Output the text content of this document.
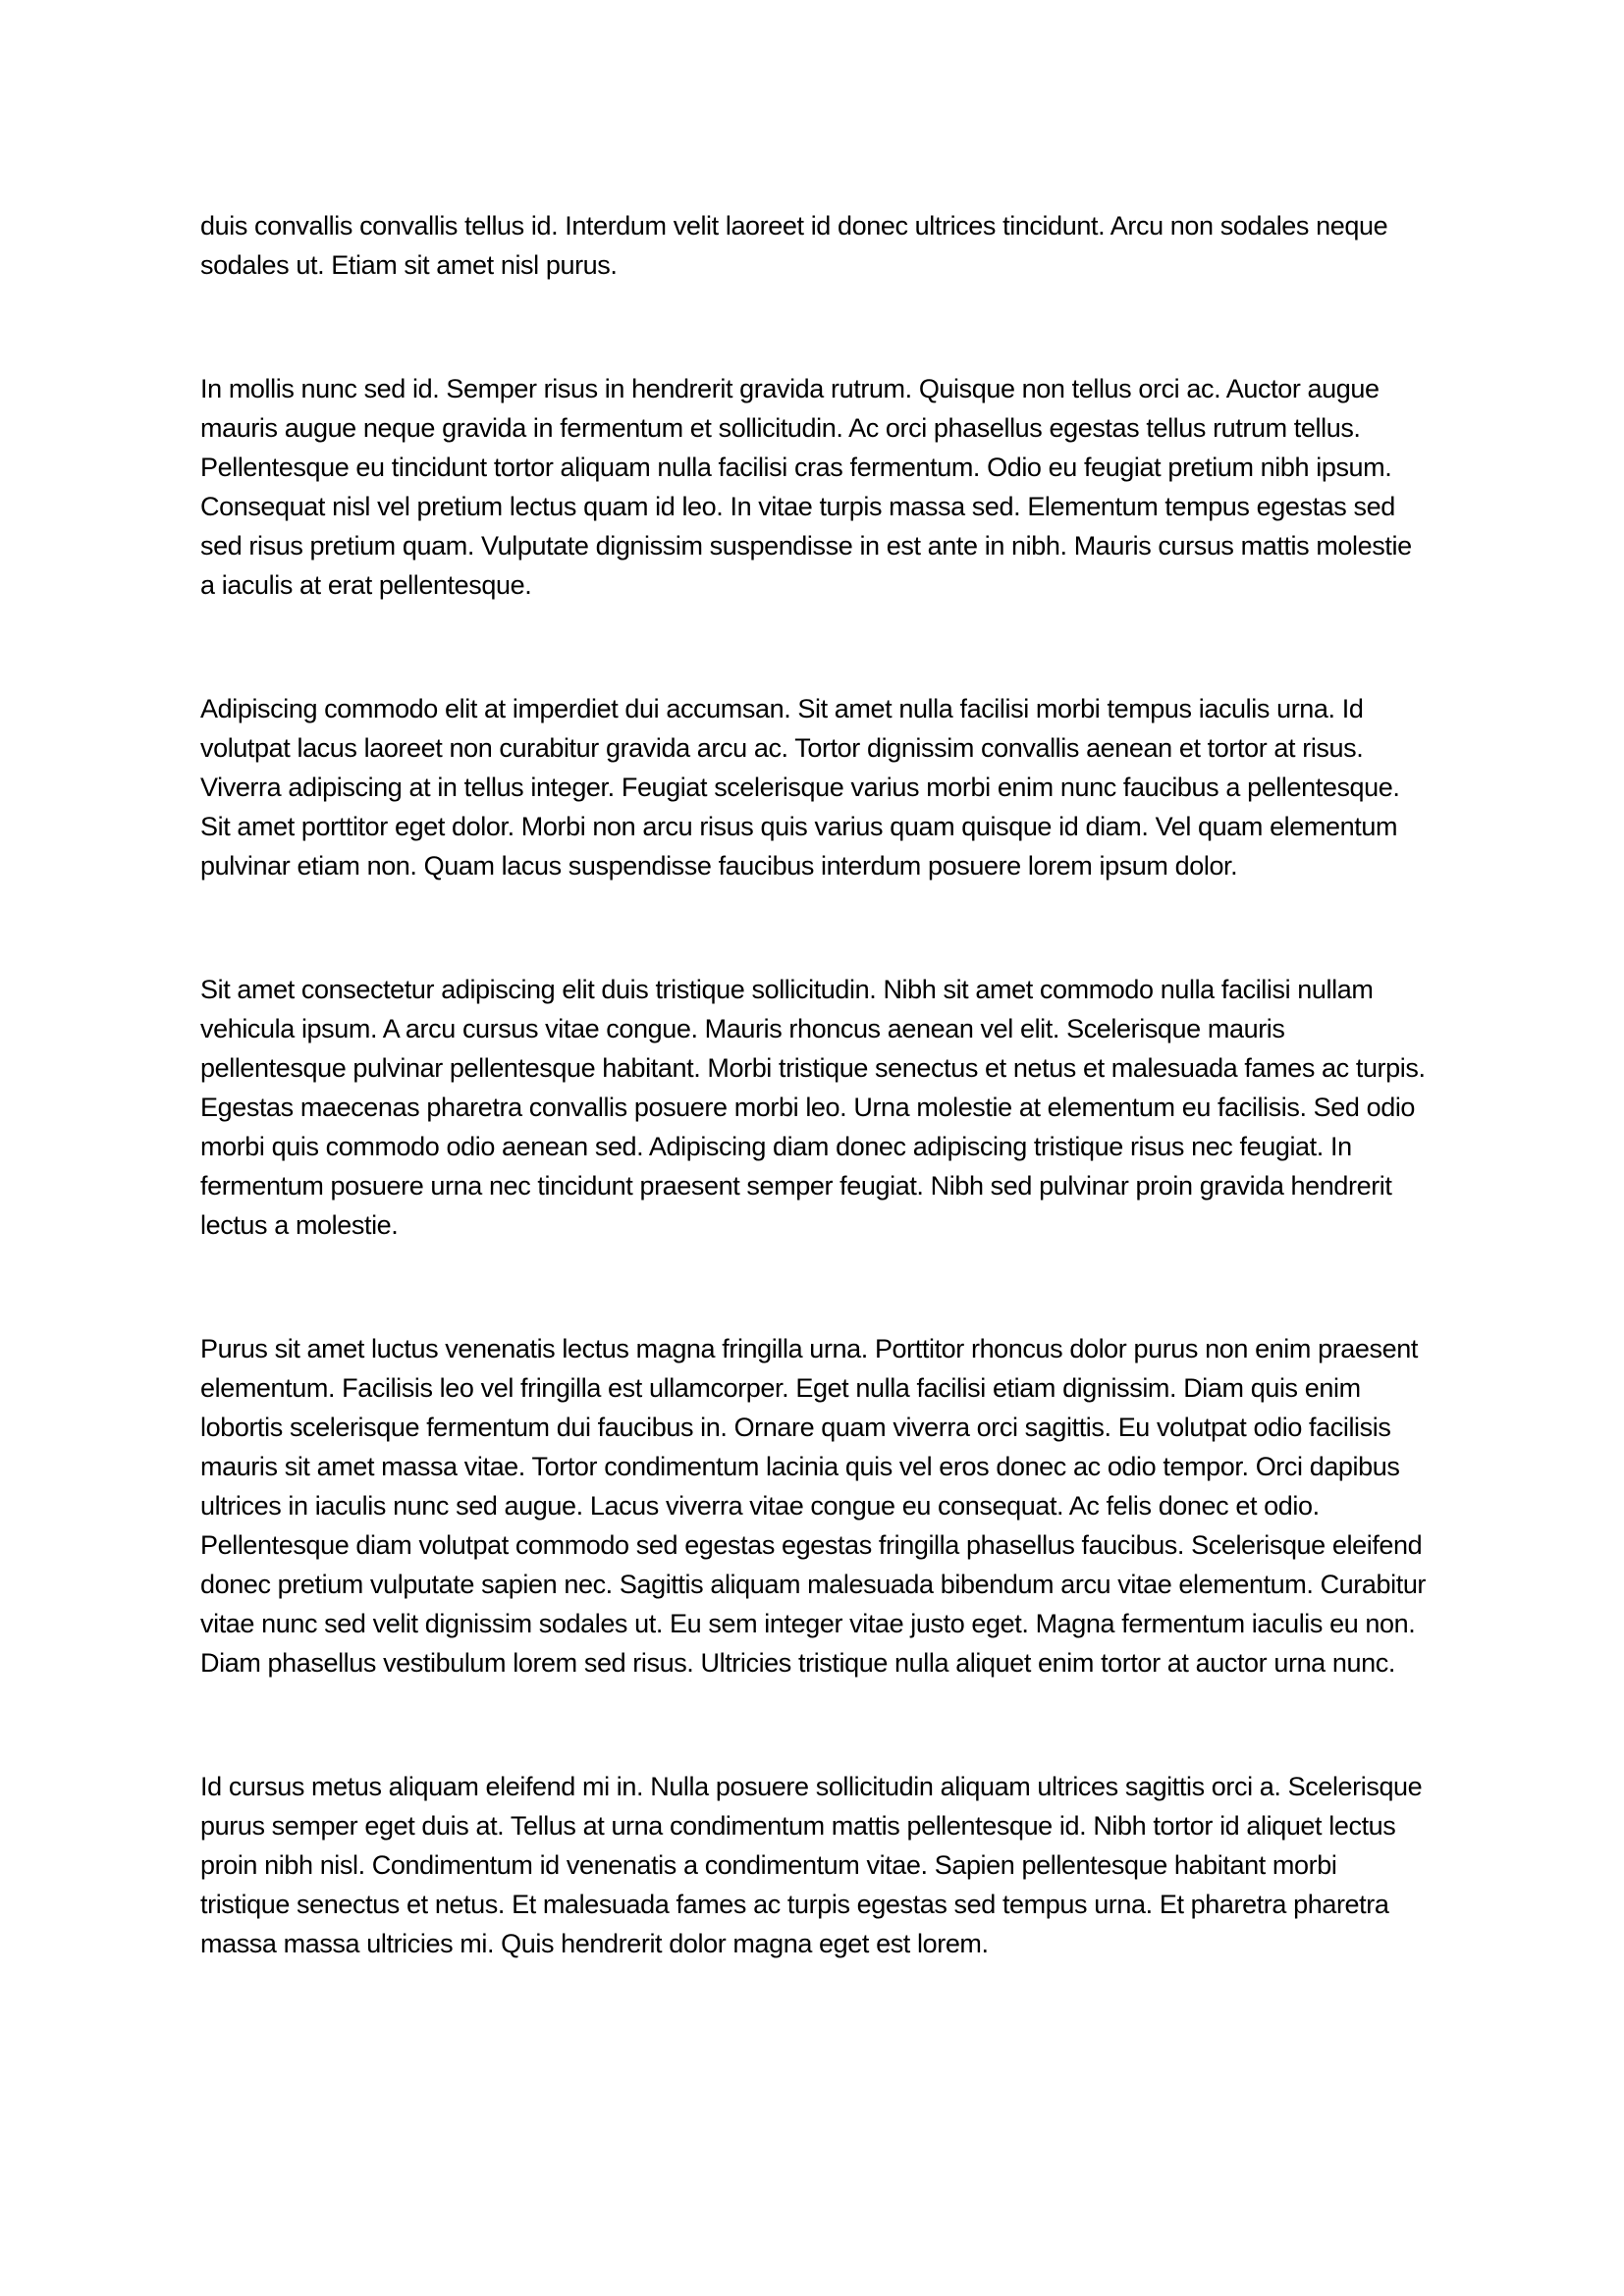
duis convallis convallis tellus id. Interdum velit laoreet id donec ultrices tincidunt. Arcu non sodales neque sodales ut. Etiam sit amet nisl purus.

In mollis nunc sed id. Semper risus in hendrerit gravida rutrum. Quisque non tellus orci ac. Auctor augue mauris augue neque gravida in fermentum et sollicitudin. Ac orci phasellus egestas tellus rutrum tellus. Pellentesque eu tincidunt tortor aliquam nulla facilisi cras fermentum. Odio eu feugiat pretium nibh ipsum. Consequat nisl vel pretium lectus quam id leo. In vitae turpis massa sed. Elementum tempus egestas sed sed risus pretium quam. Vulputate dignissim suspendisse in est ante in nibh. Mauris cursus mattis molestie a iaculis at erat pellentesque.

Adipiscing commodo elit at imperdiet dui accumsan. Sit amet nulla facilisi morbi tempus iaculis urna. Id volutpat lacus laoreet non curabitur gravida arcu ac. Tortor dignissim convallis aenean et tortor at risus. Viverra adipiscing at in tellus integer. Feugiat scelerisque varius morbi enim nunc faucibus a pellentesque. Sit amet porttitor eget dolor. Morbi non arcu risus quis varius quam quisque id diam. Vel quam elementum pulvinar etiam non. Quam lacus suspendisse faucibus interdum posuere lorem ipsum dolor.

Sit amet consectetur adipiscing elit duis tristique sollicitudin. Nibh sit amet commodo nulla facilisi nullam vehicula ipsum. A arcu cursus vitae congue. Mauris rhoncus aenean vel elit. Scelerisque mauris pellentesque pulvinar pellentesque habitant. Morbi tristique senectus et netus et malesuada fames ac turpis. Egestas maecenas pharetra convallis posuere morbi leo. Urna molestie at elementum eu facilisis. Sed odio morbi quis commodo odio aenean sed. Adipiscing diam donec adipiscing tristique risus nec feugiat. In fermentum posuere urna nec tincidunt praesent semper feugiat. Nibh sed pulvinar proin gravida hendrerit lectus a molestie.

Purus sit amet luctus venenatis lectus magna fringilla urna. Porttitor rhoncus dolor purus non enim praesent elementum. Facilisis leo vel fringilla est ullamcorper. Eget nulla facilisi etiam dignissim. Diam quis enim lobortis scelerisque fermentum dui faucibus in. Ornare quam viverra orci sagittis. Eu volutpat odio facilisis mauris sit amet massa vitae. Tortor condimentum lacinia quis vel eros donec ac odio tempor. Orci dapibus ultrices in iaculis nunc sed augue. Lacus viverra vitae congue eu consequat. Ac felis donec et odio. Pellentesque diam volutpat commodo sed egestas egestas fringilla phasellus faucibus. Scelerisque eleifend donec pretium vulputate sapien nec. Sagittis aliquam malesuada bibendum arcu vitae elementum. Curabitur vitae nunc sed velit dignissim sodales ut. Eu sem integer vitae justo eget. Magna fermentum iaculis eu non. Diam phasellus vestibulum lorem sed risus. Ultricies tristique nulla aliquet enim tortor at auctor urna nunc.

Id cursus metus aliquam eleifend mi in. Nulla posuere sollicitudin aliquam ultrices sagittis orci a. Scelerisque purus semper eget duis at. Tellus at urna condimentum mattis pellentesque id. Nibh tortor id aliquet lectus proin nibh nisl. Condimentum id venenatis a condimentum vitae. Sapien pellentesque habitant morbi tristique senectus et netus. Et malesuada fames ac turpis egestas sed tempus urna. Et pharetra pharetra massa massa ultricies mi. Quis hendrerit dolor magna eget est lorem.
